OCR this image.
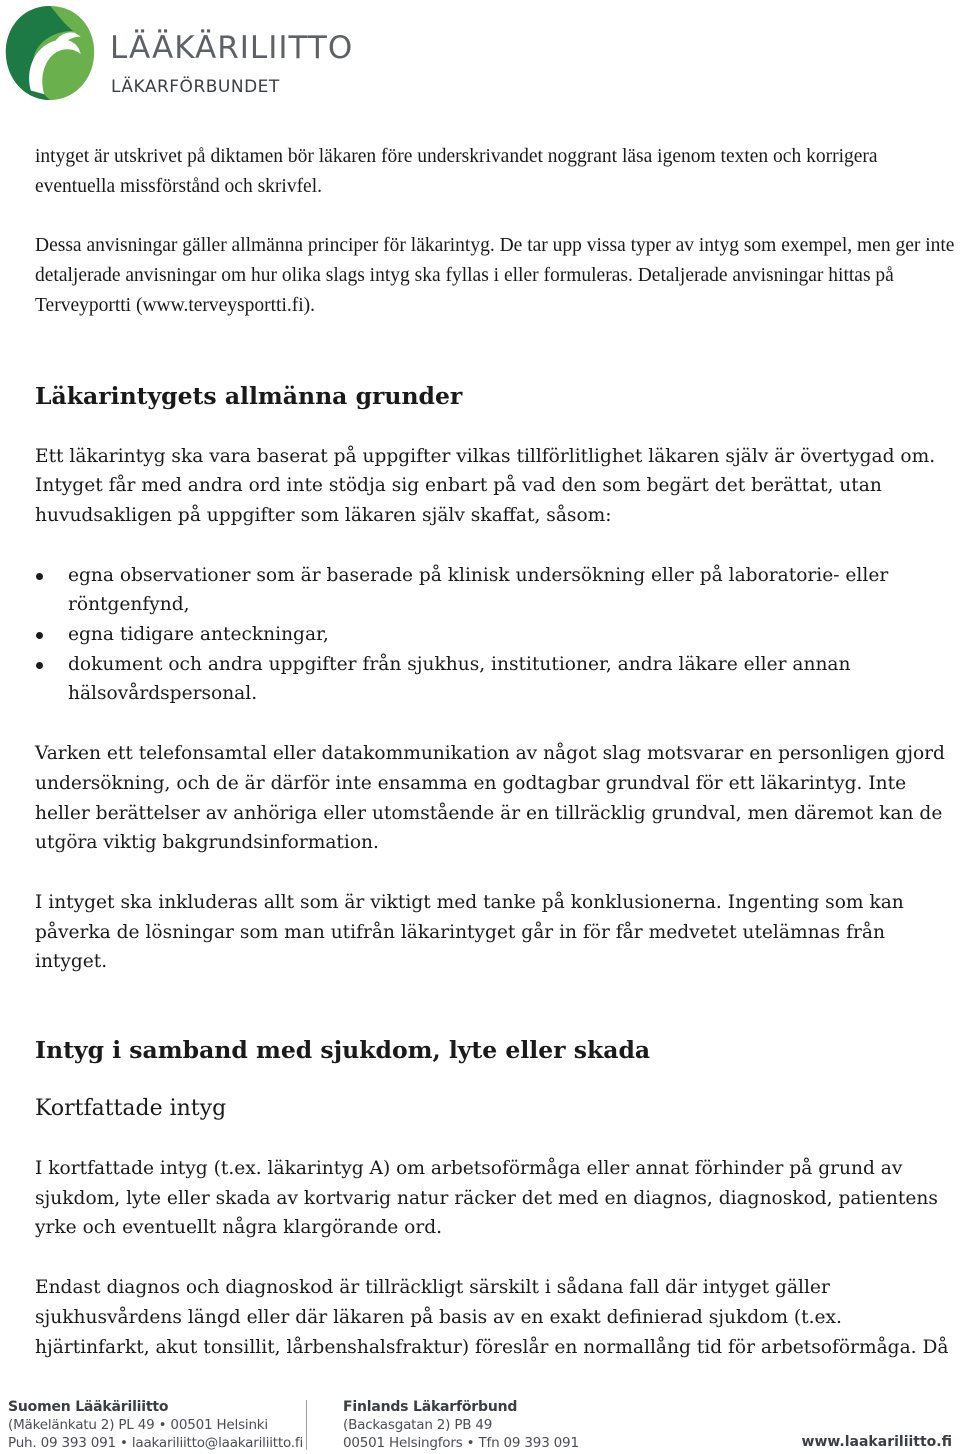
LÄÄKÄRILIITTO
LÄKARFÖRBUNDET

intyget är utskrivet på diktamen bör läkaren före underskrivandet noggrant läsa igenom texten och korrigera eventuella missförstånd och skrivfel.

Dessa anvisningar gäller allmänna principer för läkarintyg. De tar upp vissa typer av intyg som exempel, men ger inte detaljerade anvisningar om hur olika slags intyg ska fyllas i eller formuleras. Detaljerade anvisningar hittas på Terveyportti (www.terveysportti.fi).

Läkarintygets allmänna grunder

Ett läkarintyg ska vara baserat på uppgifter vilkas tillförlitlighet läkaren själv är övertygad om. Intyget får med andra ord inte stödja sig enbart på vad den som begärt det berättat, utan huvudsakligen på uppgifter som läkaren själv skaffat, såsom:

egna observationer som är baserade på klinisk undersökning eller på laboratorie- eller röntgenfynd,
egna tidigare anteckningar,
dokument och andra uppgifter från sjukhus, institutioner, andra läkare eller annan hälsovårdspersonal.

Varken ett telefonsamtal eller datakommunikation av något slag motsvarar en personligen gjord undersökning, och de är därför inte ensamma en godtagbar grundval för ett läkarintyg. Inte heller berättelser av anhöriga eller utomstående är en tillräcklig grundval, men däremot kan de utgöra viktig bakgrundsinformation.

I intyget ska inkluderas allt som är viktigt med tanke på konklusionerna. Ingenting som kan påverka de lösningar som man utifrån läkarintyget går in för får medvetet utelämnas från intyget.

Intyg i samband med sjukdom, lyte eller skada
Kortfattade intyg

I kortfattade intyg (t.ex. läkarintyg A) om arbetsoförmåga eller annat förhinder på grund av sjukdom, lyte eller skada av kortvarig natur räcker det med en diagnos, diagnoskod, patientens yrke och eventuellt några klargörande ord.

Endast diagnos och diagnoskod är tillräckligt särskilt i sådana fall där intyget gäller sjukhusvårdens längd eller där läkaren på basis av en exakt definierad sjukdom (t.ex. hjärtinfarkt, akut tonsillit, lårbenshalsfraktur) föreslår en normallång tid för arbetsoförmåga. Då

Suomen Lääkäriliitto
(Mäkelänkatu 2) PL 49 • 00501 Helsinki
Puh. 09 393 091 • laakariliitto@laakariliitto.fi
Finlands Läkarförbund
(Backasgatan 2) PB 49
00501 Helsingfors • Tfn 09 393 091	www.laakariliitto.fi
